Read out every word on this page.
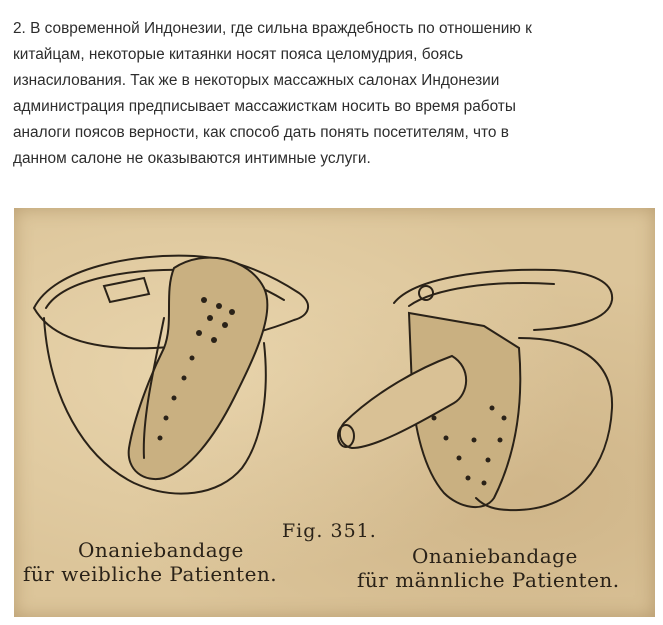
2. В современной Индонезии, где сильна враждебность по отношению к
китайцам, некоторые китаянки носят пояса целомудрия, боясь
изнасилования. Так же в некоторых массажных салонах Индонезии
администрация предписывает массажисткам носить во время работы
аналоги поясов верности, как способ дать понять посетителям, что в
данном салоне не оказываются интимные услуги.
Fig. 351.
Onaniebandage
für weibliche Patienten.
Onaniebandage
für männliche Patienten.
